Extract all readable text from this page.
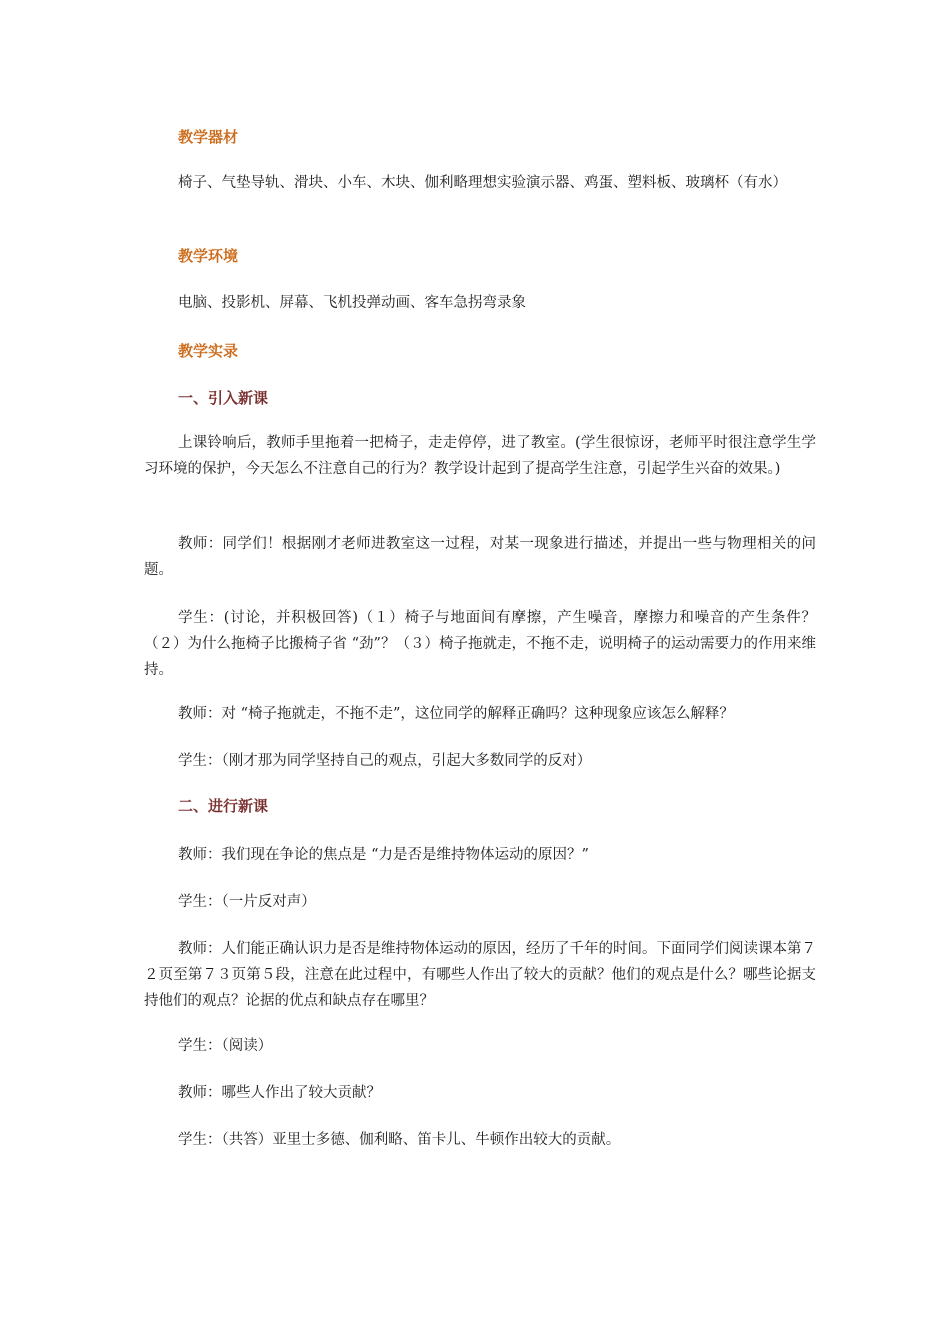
教学器材

椅子、气垫导轨、滑块、小车、木块、伽利略理想实验演示器、鸡蛋、塑料板、玻璃杯（有水）

教学环境

电脑、投影机、屏幕、飞机投弹动画、客车急拐弯录象

教学实录
一、引入新课

上课铃响后，教师手里拖着一把椅子，走走停停，进了教室。(学生很惊讶，老师平时很注意学生学习环境的保护，今天怎么不注意自己的行为？教学设计起到了提高学生注意，引起学生兴奋的效果。)

教师：同学们！根据刚才老师进教室这一过程，对某一现象进行描述，并提出一些与物理相关的问题。

学生：(讨论，并积极回答)（１）椅子与地面间有摩擦，产生噪音，摩擦力和噪音的产生条件？（２）为什么拖椅子比搬椅子省 “劲”？（３）椅子拖就走，不拖不走，说明椅子的运动需要力的作用来维持。

教师：对 “椅子拖就走，不拖不走”，这位同学的解释正确吗？这种现象应该怎么解释？

学生：（刚才那为同学坚持自己的观点，引起大多数同学的反对）

二、进行新课

教师：我们现在争论的焦点是 “力是否是维持物体运动的原因？”

学生：（一片反对声）

教师：人们能正确认识力是否是维持物体运动的原因，经历了千年的时间。下面同学们阅读课本第７２页至第７３页第５段，注意在此过程中，有哪些人作出了较大的贡献？他们的观点是什么？哪些论据支持他们的观点？论据的优点和缺点存在哪里？

学生：（阅读）

教师：哪些人作出了较大贡献？

学生：（共答）亚里士多德、伽利略、笛卡儿、牛顿作出较大的贡献。
